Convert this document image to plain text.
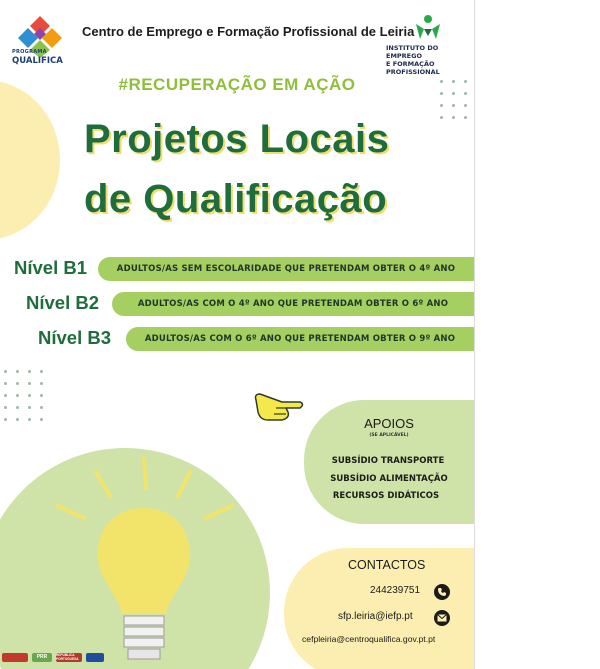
PROGRAMA
QUALIFICA
Centro de Emprego e Formação Profissional de Leiria
INSTITUTO DO EMPREGO
E FORMAÇÃO PROFISSIONAL
#RECUPERAÇÃO EM AÇÃO
Projetos Locais
de Qualificação
Nível B1	ADULTOS/AS SEM ESCOLARIDADE QUE PRETENDAM OBTER O 4º ANO
Nível B2	ADULTOS/AS COM O 4º ANO QUE PRETENDAM OBTER O 6º ANO
Nível B3	ADULTOS/AS COM O 6º ANO QUE PRETENDAM OBTER O 9º ANO
APOIOS
(SE APLICÁVEL)
SUBSÍDIO TRANSPORTE
SUBSÍDIO ALIMENTAÇÃO
RECURSOS DIDÁTICOS
CONTACTOS
244239751
sfp.leiria@iefp.pt
cefpleiria@centroqualifica.gov.pt.pt
PRR	REPÚBLICA PORTUGUESA
